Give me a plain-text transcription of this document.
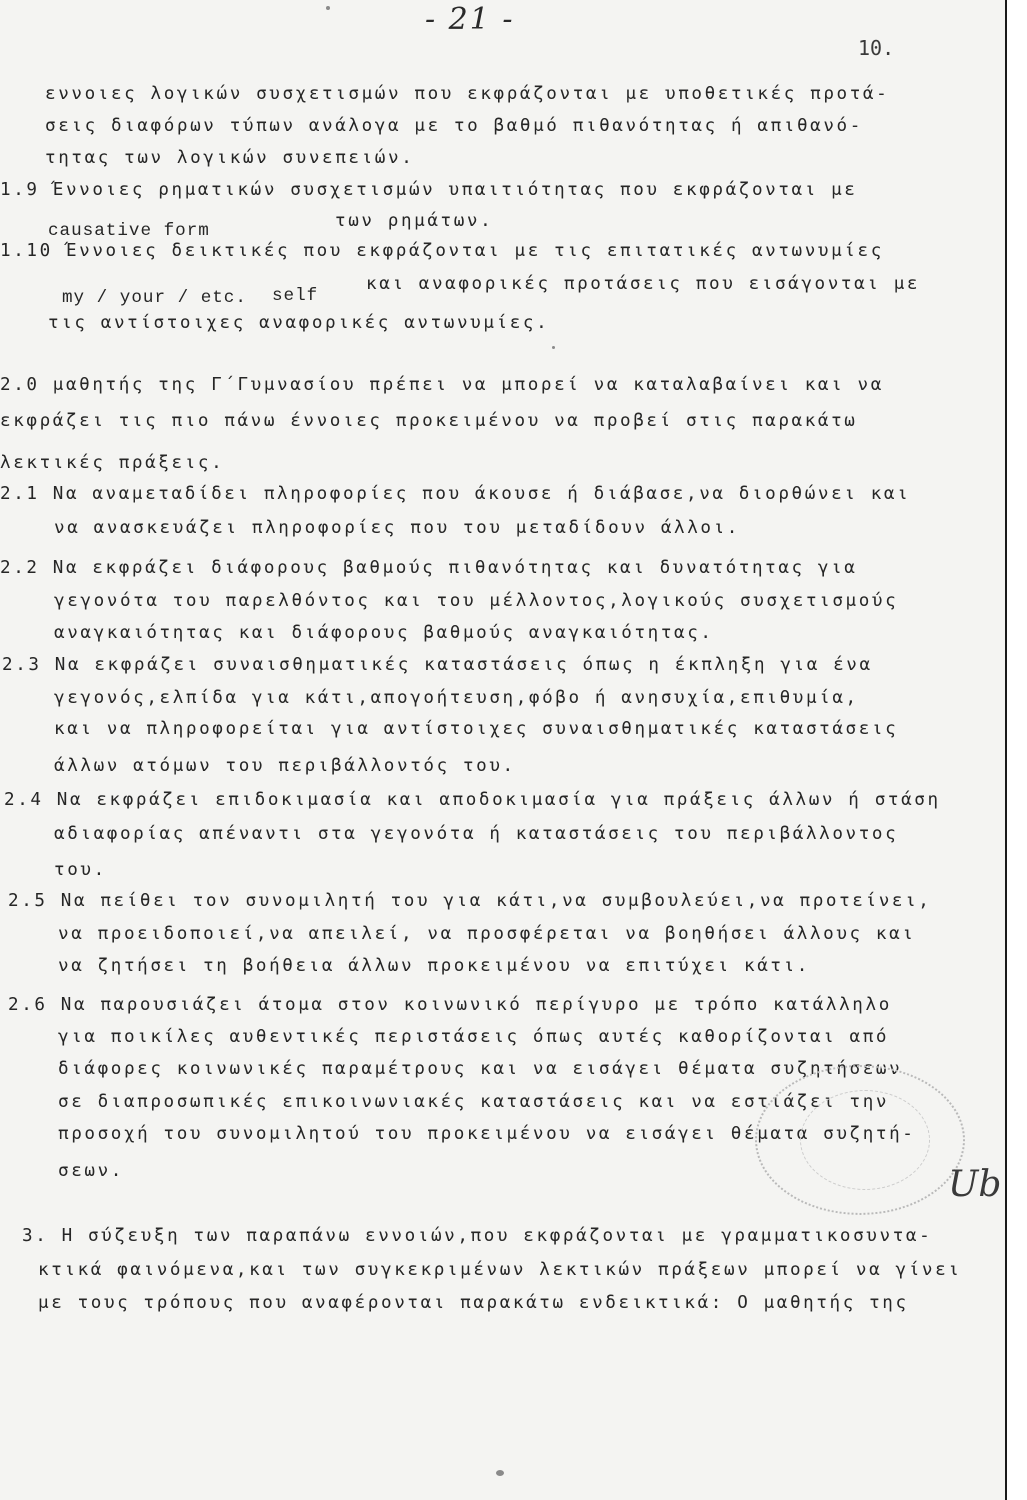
- 21 -
10.
εννοιες λογικών συσχετισμών που εκφράζονται με υποθετικές προτά-
σεις διαφόρων τύπων ανάλογα με το βαθμό πιθανότητας ή απιθανό-
τητας των λογικών συνεπειών.
1.9 Έννοιες ρηματικών συσχετισμών υπαιτιότητας που εκφράζονται με
causative form	των ρημάτων.
1.10 Έννοιες δεικτικές που εκφράζονται με τις επιτατικές αντωνυμίες
my / your / etc. self
και αναφορικές προτάσεις που εισάγονται με
τις αντίστοιχες αναφορικές αντωνυμίες.
2.0 μαθητής της Γ΄Γυμνασίου πρέπει να μπορεί να καταλαβαίνει και να
εκφράζει τις πιο πάνω έννοιες προκειμένου να προβεί στις παρακάτω
λεκτικές πράξεις.
2.1 Να αναμεταδίδει πληροφορίες που άκουσε ή διάβασε,να διορθώνει και
να ανασκευάζει πληροφορίες που του μεταδίδουν άλλοι.
2.2 Να εκφράζει διάφορους βαθμούς πιθανότητας και δυνατότητας για
γεγονότα του παρελθόντος και του μέλλοντος,λογικούς συσχετισμούς
αναγκαιότητας και διάφορους βαθμούς αναγκαιότητας.
2.3 Να εκφράζει συναισθηματικές καταστάσεις όπως η έκπληξη για ένα
γεγονός,ελπίδα για κάτι,απογοήτευση,φόβο ή ανησυχία,επιθυμία,
και να πληροφορείται για αντίστοιχες συναισθηματικές καταστάσεις
άλλων ατόμων του περιβάλλοντός του.
2.4 Να εκφράζει επιδοκιμασία και αποδοκιμασία για πράξεις άλλων ή στάση
αδιαφορίας απέναντι στα γεγονότα ή καταστάσεις του περιβάλλοντος
του.
2.5 Να πείθει τον συνομιλητή του για κάτι,να συμβουλεύει,να προτείνει,
να προειδοποιεί,να απειλεί, να προσφέρεται να βοηθήσει άλλους και
να ζητήσει τη βοήθεια άλλων προκειμένου να επιτύχει κάτι.
2.6 Να παρουσιάζει άτομα στον κοινωνικό περίγυρο με τρόπο κατάλληλο
για ποικίλες αυθεντικές περιστάσεις όπως αυτές καθορίζονται από
διάφορες κοινωνικές παραμέτρους και να εισάγει θέματα συζητήσεων
σε διαπροσωπικές επικοινωνιακές καταστάσεις και να εστιάζει την
προσοχή του συνομιλητού του προκειμένου να εισάγει θέματα συζητή-
σεων.
3. Η σύζευξη των παραπάνω εννοιών,που εκφράζονται με γραμματικοσυντα-
κτικά φαινόμενα,και των συγκεκριμένων λεκτικών πράξεων μπορεί να γίνει
με τους τρόπους που αναφέρονται παρακάτω ενδεικτικά: Ο μαθητής της
Ub
